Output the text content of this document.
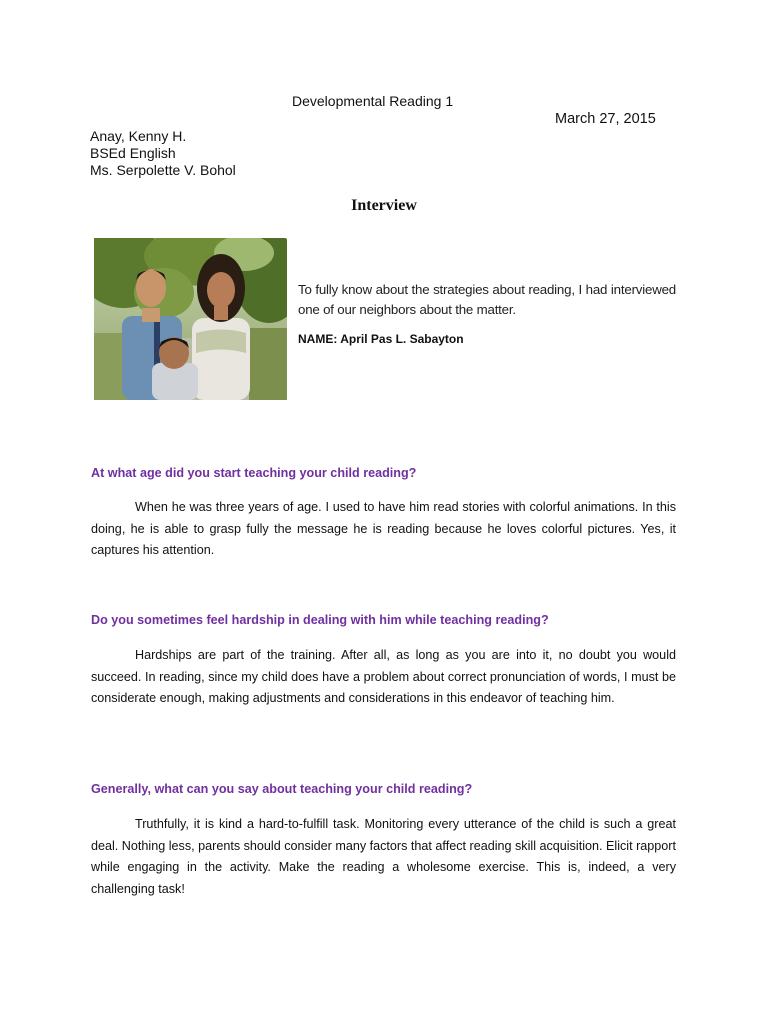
Developmental Reading 1
March 27, 2015
Anay, Kenny H.
BSEd English
Ms. Serpolette V. Bohol
Interview
To fully know about the strategies about reading, I had interviewed one of our neighbors about the matter.
NAME: April Pas L. Sabayton
At what age did you start teaching your child reading?
When he was three years of age. I used to have him read stories with colorful animations. In this doing, he is able to grasp fully the message he is reading because he loves colorful pictures. Yes, it captures his attention.
Do you sometimes feel hardship in dealing with him while teaching reading?
Hardships are part of the training. After all, as long as you are into it, no doubt you would succeed. In reading, since my child does have a problem about correct pronunciation of words, I must be considerate enough, making adjustments and considerations in this endeavor of teaching him.
Generally, what can you say about teaching your child reading?
Truthfully, it is kind a hard-to-fulfill task. Monitoring every utterance of the child is such a great deal. Nothing less, parents should consider many factors that affect reading skill acquisition. Elicit rapport while engaging in the activity. Make the reading a wholesome exercise. This is, indeed, a very challenging task!
